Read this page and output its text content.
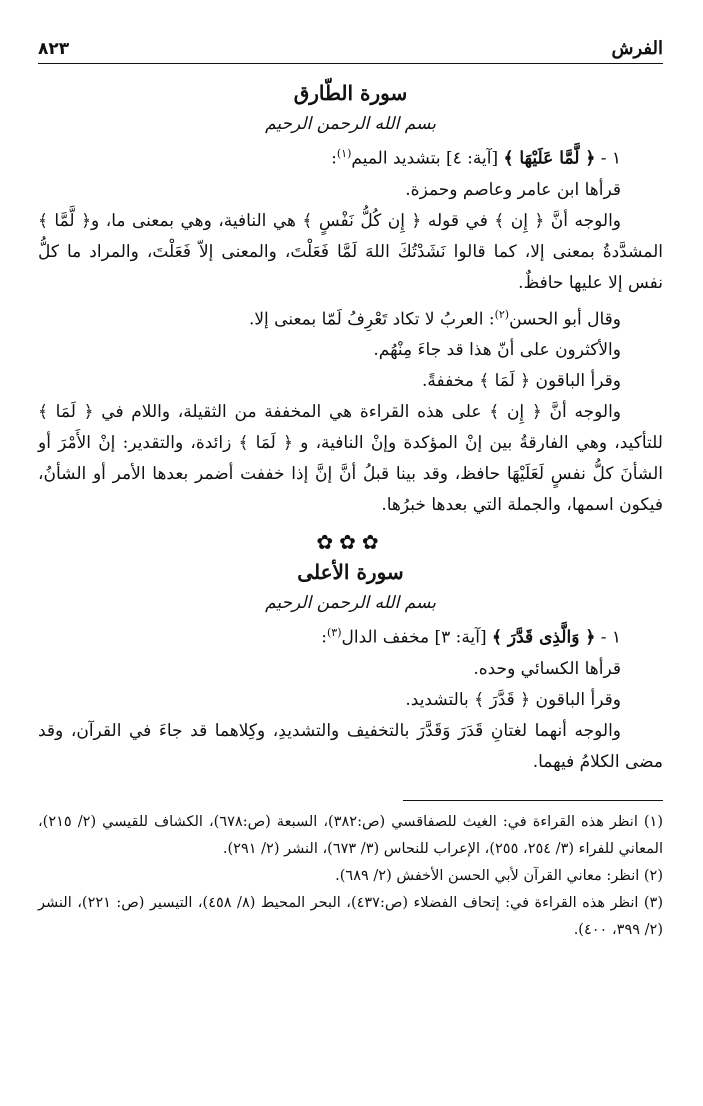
الفرش
٨٢٣
سورة الطّارق
بسم الله الرحمن الرحيم

١ - ﴿ لَّمَّا عَلَيْهَا ﴾ [آية: ٤] بتشديد الميم$^{(١)}$:

قرأها ابن عامر وعاصم وحمزة.

والوجه أنَّ ﴿ إِن ﴾ في قوله ﴿ إِن كُلُّ نَفْسٍ ﴾ هي النافية، وهي بمعنى ما، و﴿ لَّمَّا ﴾ المشدَّدةُ بمعنى إلا، كما قالوا نَشَدْتُكَ اللهَ لَمَّا فَعَلْتَ، والمعنى إلاّ فَعَلْتَ، والمراد ما كلُّ نفس إلا عليها حافظٌ.

وقال أبو الحسن$^{(٢)}$: العربُ لا تكاد تَعْرِفُ لَمّا بمعنى إلا.

والأكثرون على أنّ هذا قد جاءَ مِنْهُم.

وقرأ الباقون ﴿ لَمَا ﴾ مخففةً.

والوجه أنَّ ﴿ إِن ﴾ على هذه القراءة هي المخففة من الثقيلة، واللام في ﴿ لَمَا ﴾ للتأكيد، وهي الفارقةُ بين إنْ المؤكدة وإنْ النافية، و ﴿ لَمَا ﴾ زائدة، والتقدير: إنْ الأَمْرَ أو الشأنَ كلُّ نفسٍ لَعَلَيْهَا حافظ، وقد بينا قبلُ أنَّ إنَّ إذا خففت أضمر بعدها الأمر أو الشأنُ، فيكون اسمها، والجملة التي بعدها خبرُها.

✿✿✿
سورة الأعلى
بسم الله الرحمن الرحيم

١ - ﴿ وَالَّذِى قَدَّرَ ﴾ [آية: ٣] مخفف الدال$^{(٣)}$:

قرأها الكسائي وحده.

وقرأ الباقون ﴿ قَدَّرَ ﴾ بالتشديد.

والوجه أنهما لغتانِ قَدَرَ وَقَدَّرَ بالتخفيف والتشديدِ، وكِلاهما قد جاءَ في القرآن، وقد مضى الكلامُ فيهما.

(١) انظر هذه القراءة في: الغيث للصفاقسي (ص:٣٨٢)، السبعة (ص:٦٧٨)، الكشاف للقيسي (٢/ ٢١٥)، المعاني للفراء (٣/ ٢٥٤، ٢٥٥)، الإعراب للنحاس (٣/ ٦٧٣)، النشر (٢/ ٢٩١).

(٢) انظر: معاني القرآن لأبي الحسن الأخفش (٢/ ٦٨٩).

(٣) انظر هذه القراءة في: إتحاف الفضلاء (ص:٤٣٧)، البحر المحيط (٨/ ٤٥٨)، التيسير (ص: ٢٢١)، النشر (٢/ ٣٩٩، ٤٠٠).
